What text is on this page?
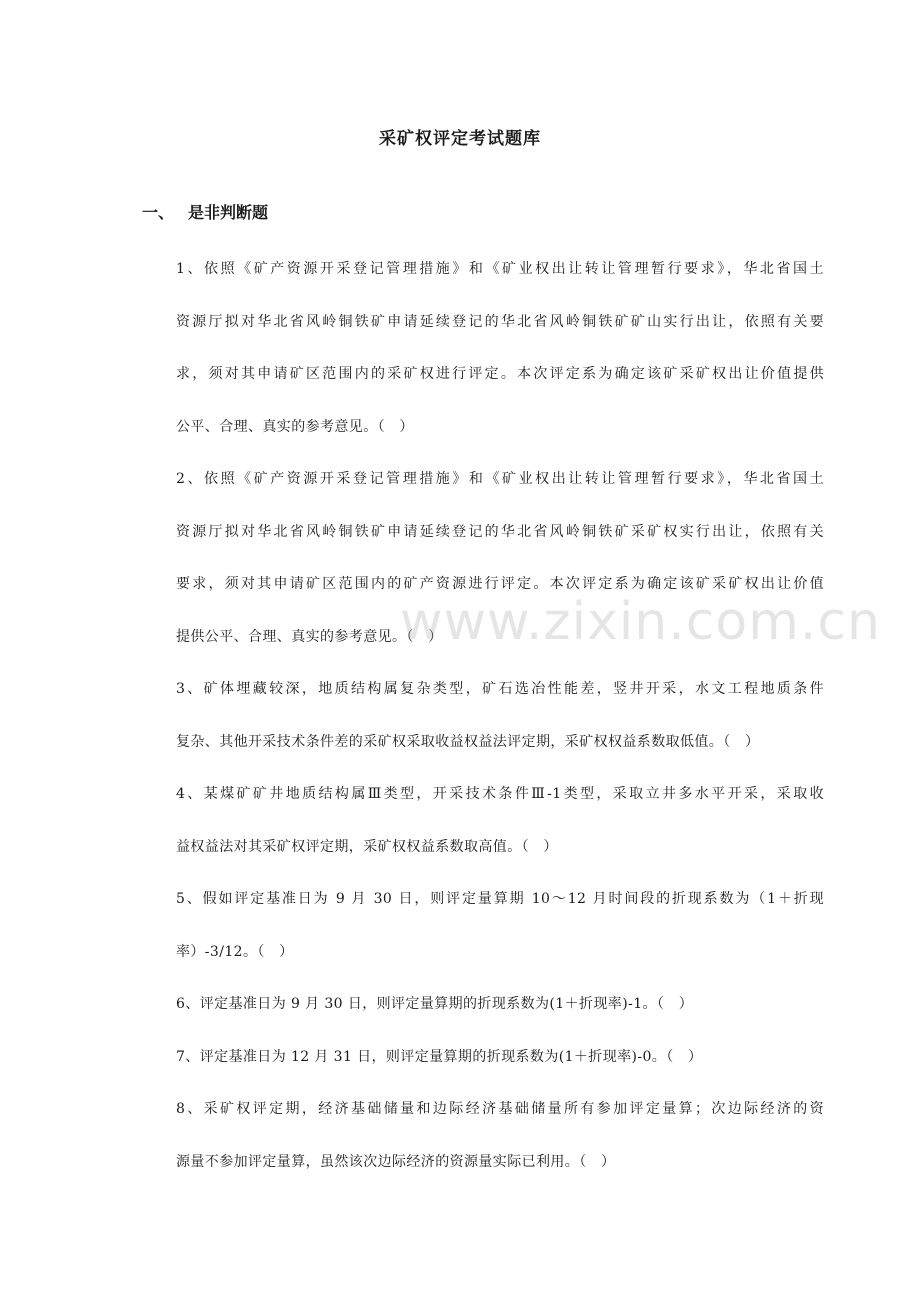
采矿权评定考试题库
一、 是非判断题

1、依照《矿产资源开采登记管理措施》和《矿业权出让转让管理暂行要求》，华北省国土
资源厅拟对华北省风岭铜铁矿申请延续登记的华北省风岭铜铁矿矿山实行出让，依照有关要
求，须对其申请矿区范围内的采矿权进行评定。本次评定系为确定该矿采矿权出让价值提供
公平、合理、真实的参考意见。（　）

2、依照《矿产资源开采登记管理措施》和《矿业权出让转让管理暂行要求》，华北省国土
资源厅拟对华北省风岭铜铁矿申请延续登记的华北省风岭铜铁矿采矿权实行出让，依照有关
要求，须对其申请矿区范围内的矿产资源进行评定。本次评定系为确定该矿采矿权出让价值
提供公平、合理、真实的参考意见。（　）

3、矿体埋藏较深，地质结构属复杂类型，矿石选冶性能差，竖井开采，水文工程地质条件
复杂、其他开采技术条件差的采矿权采取收益权益法评定期，采矿权权益系数取低值。（　）

4、某煤矿矿井地质结构属Ⅲ类型，开采技术条件Ⅲ-1类型，采取立井多水平开采，采取收
益权益法对其采矿权评定期，采矿权权益系数取高值。（　）

5、假如评定基准日为 9 月 30 日，则评定量算期 10～12 月时间段的折现系数为（1＋折现
率）-3/12。（　）

6、评定基准日为 9 月 30 日，则评定量算期的折现系数为(1＋折现率)-1。（　）

7、评定基准日为 12 月 31 日，则评定量算期的折现系数为(1＋折现率)-0。（　）

8、采矿权评定期，经济基础储量和边际经济基础储量所有参加评定量算；次边际经济的资
源量不参加评定量算，虽然该次边际经济的资源量实际已利用。（　）

www.zixin.com.cn
